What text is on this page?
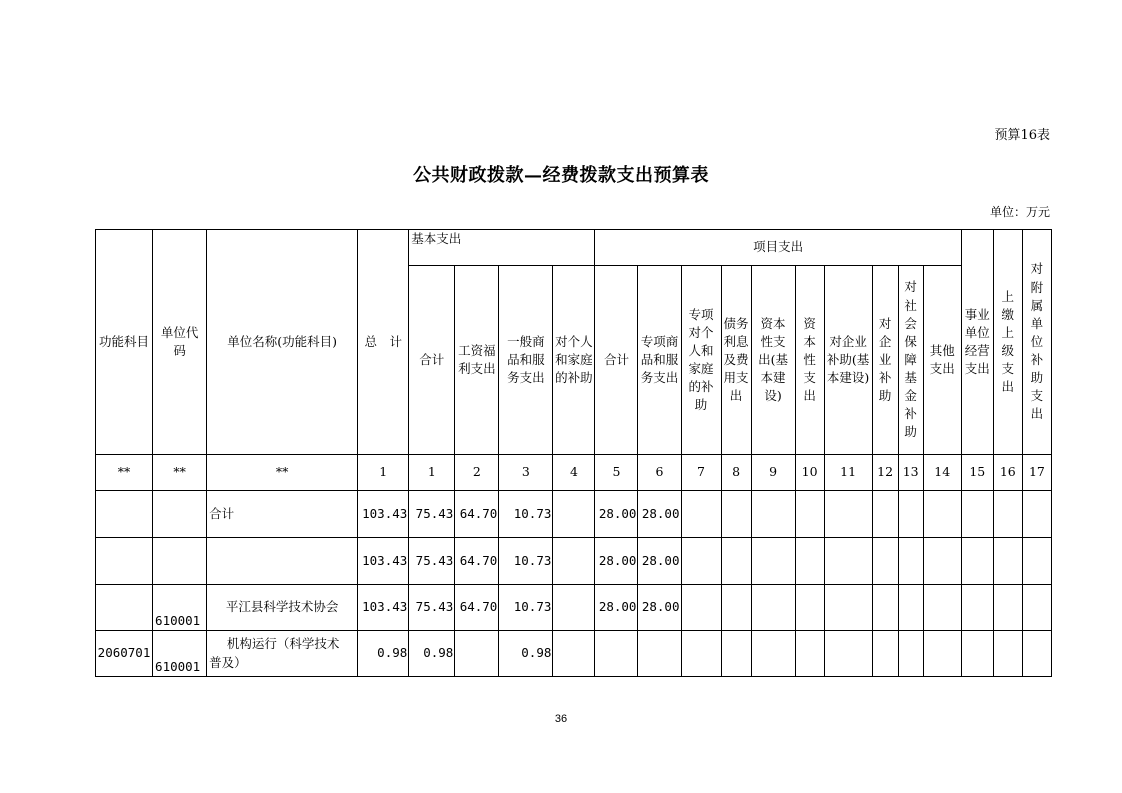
预算16表
公共财政拨款—经费拨款支出预算表
单位：万元
功能科目	单位代码	单位名称(功能科目)	总　计	基本支出				项目支出										事业单位经营支出	上缴上级支出	对附属单位补助支出

				合计	工资福利支出	一般商品和服务支出	对个人和家庭的补助	合计	专项商品和服务支出	专项对个人和家庭的补助	债务利息及费用支出	资本性支出(基本建设)	资本性支出	对企业补助(基本建设)	对企业补助	对社会保障基金补助	其他支出			

**	**	**	1	1	2	3	4	5	6	7	8	9	10	11	12	13	14	15	16	17
		合计	103.43	75.43	64.70	10.73		28.00	28.00											
			103.43	75.43	64.70	10.73		28.00	28.00											
	610001	平江县科学技术协会	103.43	75.43	64.70	10.73		28.00	28.00											
2060701	610001	机构运行（科学技术
普及）	0.98	0.98		0.98														
36
